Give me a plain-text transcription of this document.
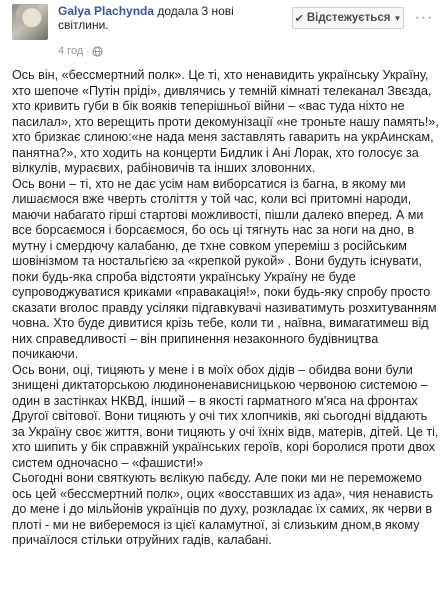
Galya Plachynda додала 3 нові світлини.
4 год ·
✔ Відстежується ▼ ···

Ось він, «бессмертний полк». Це ті, хто ненавидить українську Україну, хто шепоче «Путін пріді», дивлячись у темній кімнаті телеканал Звєзда, хто кривить губи в бік вояків теперішньої війни – «вас туда ніхто не пасилал», хто верещить проти декомунізації «не троньте нашу память!», хто бризкає слиною:«не нада меня заставлять гаварить на укрАинскам, панятна?», хто ходить на концерти Бидлик і Ані Лорак, хто голосує за вілкулів, мураєвих, рабіновичів та інших зловонних.

Ось вони – ті, хто не дає усім нам виборсатися із багна, в якому ми лишаємося вже чверть століття у той час, коли всі притомні народи, маючи набагато гірші стартові можливості, пішли далеко вперед. А ми все борсаємося і борсаємося, бо ось ці тягнуть нас за ноги на дно, в мутну і смердючу калабаню, де тхне совком упереміш з російським шовінізмом та ностальгією за «крепкой рукой» . Вони будуть існувати, поки будь-яка спроба відстояти українську Україну не буде супроводжуватися криками «правакація!», поки будь-яку спробу просто сказати вголос правду усіляки підгавкувачі називатимуть розхитуванням човна. Хто буде дивитися крізь тебе, коли ти , наївна, вимагатимеш від них справедливості – він припинення незаконного будівництва почикаючи.

Ось вони, оці, тицяють у мене і в моїх обох дідів – обидва вони були знищені диктаторською людиноненависницькою червоною системою – один в застінках НКВД, інший – в якості гарматного м'яса на фронтах Другої світової. Вони тицяють у очі тих хлопчиків, які сьогодні віддають за Україну своє життя, вони тицяють у очі їхніх відв, матерів, дітей. Це ті, хто шипить у бік справжній українських героїв, корі боролися проти двох систем одночасно – «фашисти!»

Сьогодні вони святкують вєлікую пабєду. Але поки ми не переможемо ось цей «бессмертний полк», оцих «восставших из ада», чия ненависть до мене і до мільйонів українців по духу, розкладає їх самих, як черви в плоті - ми не виберемося із цієї каламутної, зі слизьким дном,в якому причаїлося стільки отруйних гадів, калабані.
